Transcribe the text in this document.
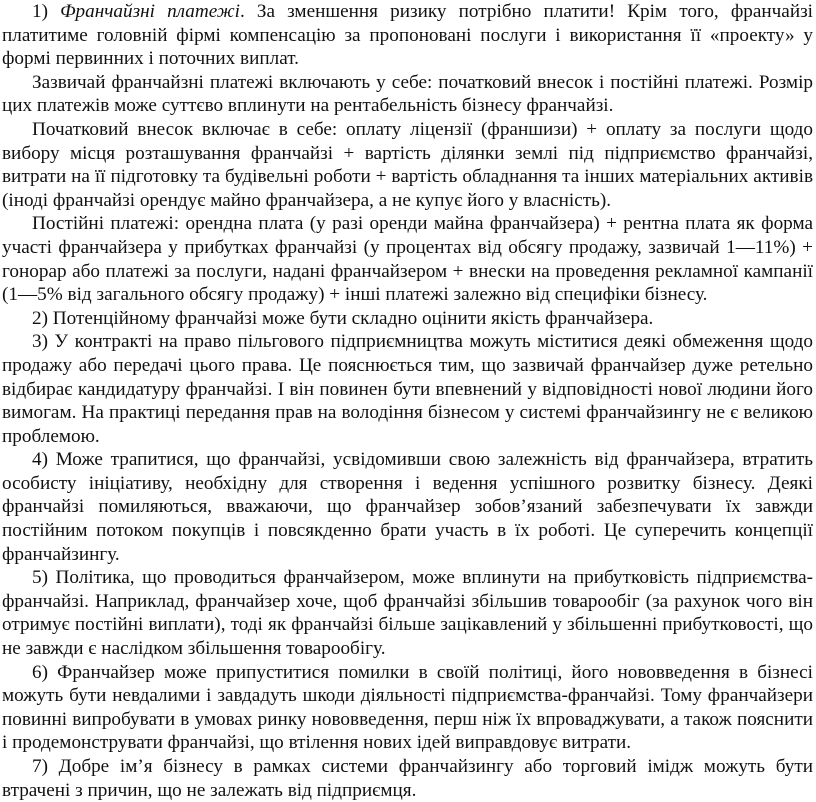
1) Франчайзні платежі. За зменшення ризику потрібно платити! Крім того, франчайзі платитиме головній фірмі компенсацію за пропоновані послуги і використання її «проекту» у формі первинних і поточних виплат.

Зазвичай франчайзні платежі включають у себе: початковий внесок і постійні платежі. Розмір цих платежів може суттєво вплинути на рентабельність бізнесу франчайзі.

Початковий внесок включає в себе: оплату ліцензії (франшизи) + оплату за послуги щодо вибору місця розташування франчайзі + вартість ділянки землі під підприємство франчайзі, витрати на її підготовку та будівельні роботи + вартість обладнання та інших матеріальних активів (іноді франчайзі орендує майно франчайзера, а не купує його у власність).

Постійні платежі: орендна плата (у разі оренди майна франчайзера) + рентна плата як форма участі франчайзера у прибутках франчайзі (у процентах від обсягу продажу, зазвичай 1—11%) + гонорар або платежі за послуги, надані франчайзером + внески на проведення рекламної кампанії (1—5% від загального обсягу продажу) + інші платежі залежно від специфіки бізнесу.

2) Потенційному франчайзі може бути складно оцінити якість франчайзера.

3) У контракті на право пільгового підприємництва можуть міститися деякі обмеження щодо продажу або передачі цього права. Це пояснюється тим, що зазвичай франчайзер дуже ретельно відбирає кандидатуру франчайзі. І він повинен бути впевнений у відповідності нової людини його вимогам. На практиці передання прав на володіння бізнесом у системі франчайзингу не є великою проблемою.

4) Може трапитися, що франчайзі, усвідомивши свою залежність від франчайзера, втратить особисту ініціативу, необхідну для створення і ведення успішного розвитку бізнесу. Деякі франчайзі помиляються, вважаючи, що франчайзер зобов’язаний забезпечувати їх завжди постійним потоком покупців і повсякденно брати участь в їх роботі. Це суперечить концепції франчайзингу.

5) Політика, що проводиться франчайзером, може вплинути на прибутковість підприємства-франчайзі. Наприклад, франчайзер хоче, щоб франчайзі збільшив товарообіг (за рахунок чого він отримує постійні виплати), тоді як франчайзі більше зацікавлений у збільшенні прибутковості, що не завжди є наслідком збільшення товарообігу.

6) Франчайзер може припуститися помилки в своїй політиці, його нововведення в бізнесі можуть бути невдалими і завдадуть шкоди діяльності підприємства-франчайзі. Тому франчайзери повинні випробувати в умовах ринку нововведення, перш ніж їх впроваджувати, а також пояснити і продемонструвати франчайзі, що втілення нових ідей виправдовує витрати.

7) Добре ім’я бізнесу в рамках системи франчайзингу або торговий імідж можуть бути втрачені з причин, що не залежать від підприємця.
